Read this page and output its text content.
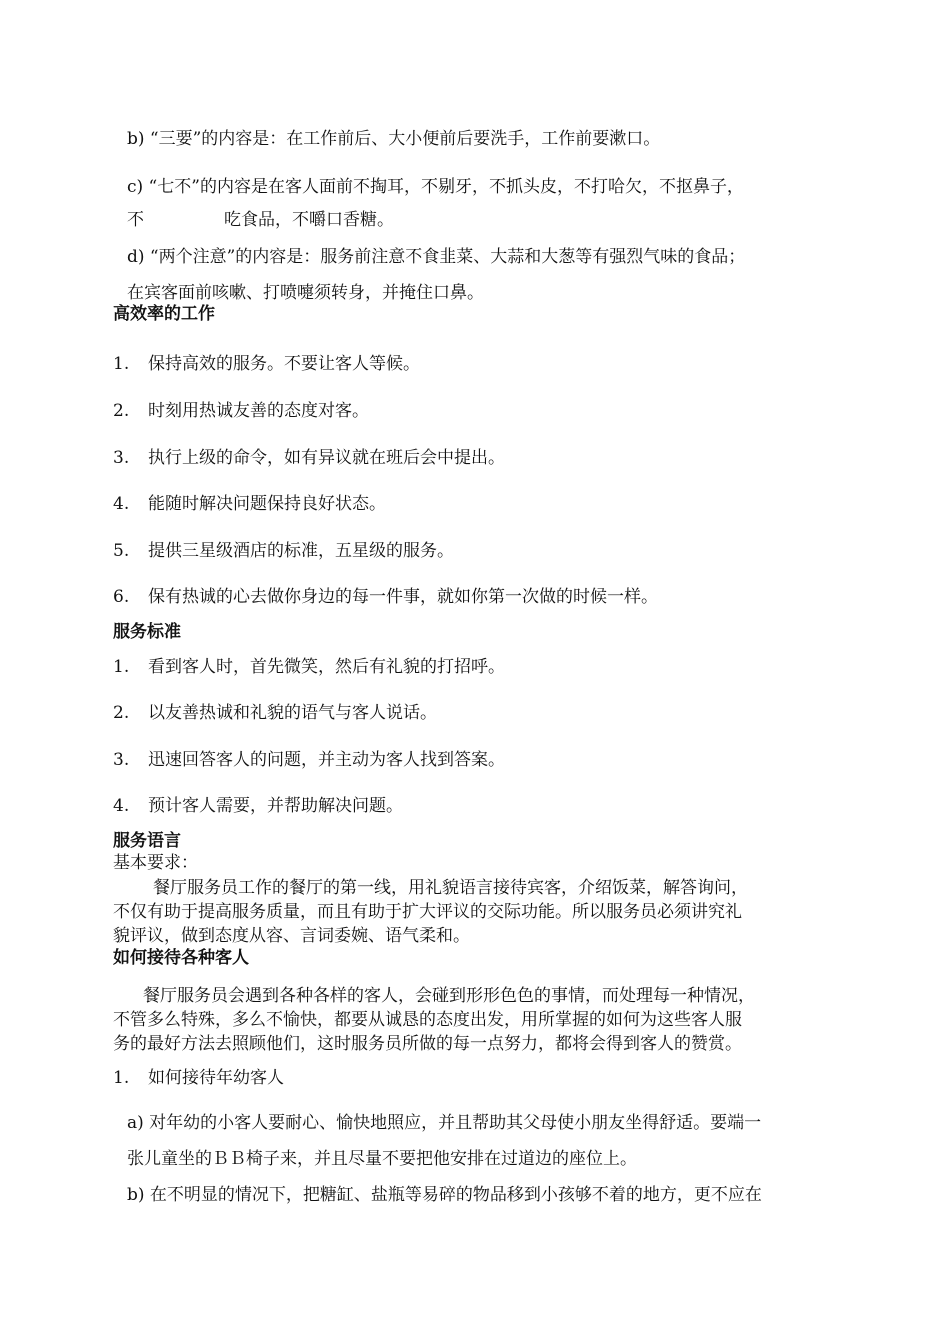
b) “三要”的内容是：在工作前后、大小便前后要洗手，工作前要漱口。
c) “七不”的内容是在客人面前不掏耳，不剔牙，不抓头皮，不打哈欠，不抠鼻子，
不	吃食品，不嚼口香糖。
d) “两个注意”的内容是：服务前注意不食韭菜、大蒜和大葱等有强烈气味的食品；
在宾客面前咳嗽、打喷嚏须转身，并掩住口鼻。
高效率的工作
1. 保持高效的服务。不要让客人等候。
2. 时刻用热诚友善的态度对客。
3. 执行上级的命令，如有异议就在班后会中提出。
4. 能随时解决问题保持良好状态。
5. 提供三星级酒店的标准，五星级的服务。
6. 保有热诚的心去做你身边的每一件事，就如你第一次做的时候一样。
服务标准
1. 看到客人时，首先微笑，然后有礼貌的打招呼。
2. 以友善热诚和礼貌的语气与客人说话。
3. 迅速回答客人的问题，并主动为客人找到答案。
4. 预计客人需要，并帮助解决问题。
服务语言
基本要求：
餐厅服务员工作的餐厅的第一线，用礼貌语言接待宾客，介绍饭菜，解答询问，
不仅有助于提高服务质量，而且有助于扩大评议的交际功能。所以服务员必须讲究礼
貌评议，做到态度从容、言词委婉、语气柔和。
如何接待各种客人
餐厅服务员会遇到各种各样的客人，会碰到形形色色的事情，而处理每一种情况，
不管多么特殊，多么不愉快，都要从诚恳的态度出发，用所掌握的如何为这些客人服
务的最好方法去照顾他们，这时服务员所做的每一点努力，都将会得到客人的赞赏。
1. 如何接待年幼客人
a) 对年幼的小客人要耐心、愉快地照应，并且帮助其父母使小朋友坐得舒适。要端一
张儿童坐的ＢＢ椅子来，并且尽量不要把他安排在过道边的座位上。
b) 在不明显的情况下，把糖缸、盐瓶等易碎的物品移到小孩够不着的地方，更不应在
